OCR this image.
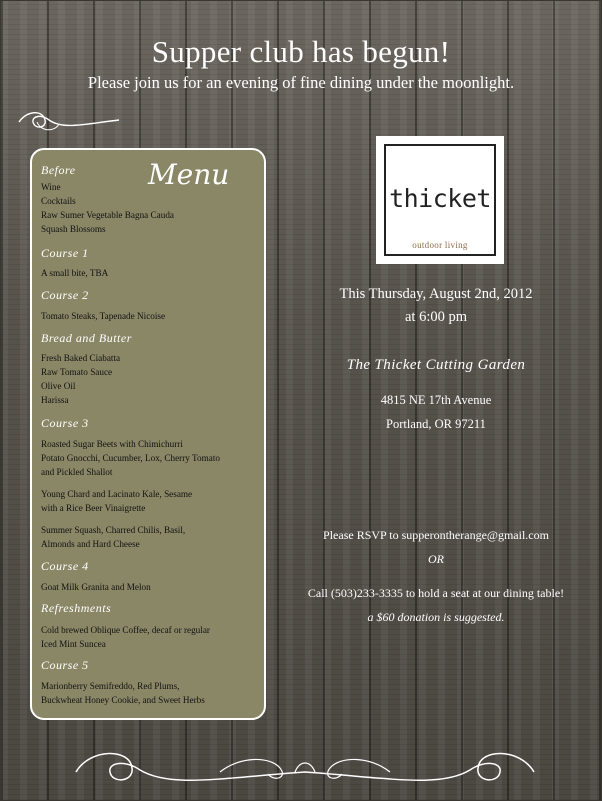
Supper club has begun!
Please join us for an evening of fine dining under the moonlight.
Menu
Before
Wine
Cocktails
Raw Sumer Vegetable Bagna Cauda
Squash Blossoms
Course 1
A small bite, TBA
Course 2
Tomato Steaks, Tapenade Nicoise
Bread and Butter
Fresh Baked Ciabatta
Raw Tomato Sauce
Olive Oil
Harissa
Course 3
Roasted Sugar Beets with Chimichurri
Potato Gnocchi, Cucumber, Lox, Cherry Tomato
and Pickled Shallot
Young Chard and Lacinato Kale, Sesame
with a Rice Beer Vinaigrette
Summer Squash, Charred Chilis, Basil,
Almonds and Hard Cheese
Course 4
Goat Milk Granita and Melon
Refreshments
Cold brewed Oblique Coffee, decaf or regular
Iced Mint Suncea
Course 5
Marionberry Semifreddo, Red Plums,
Buckwheat Honey Cookie, and Sweet Herbs
thicket
outdoor living
This Thursday, August 2nd, 2012
at 6:00 pm
The Thicket Cutting Garden
4815 NE 17th Avenue
Portland, OR 97211
Please RSVP to supperontherange@gmail.com
OR
Call (503)233-3335 to hold a seat at our dining table!
a $60 donation is suggested.
